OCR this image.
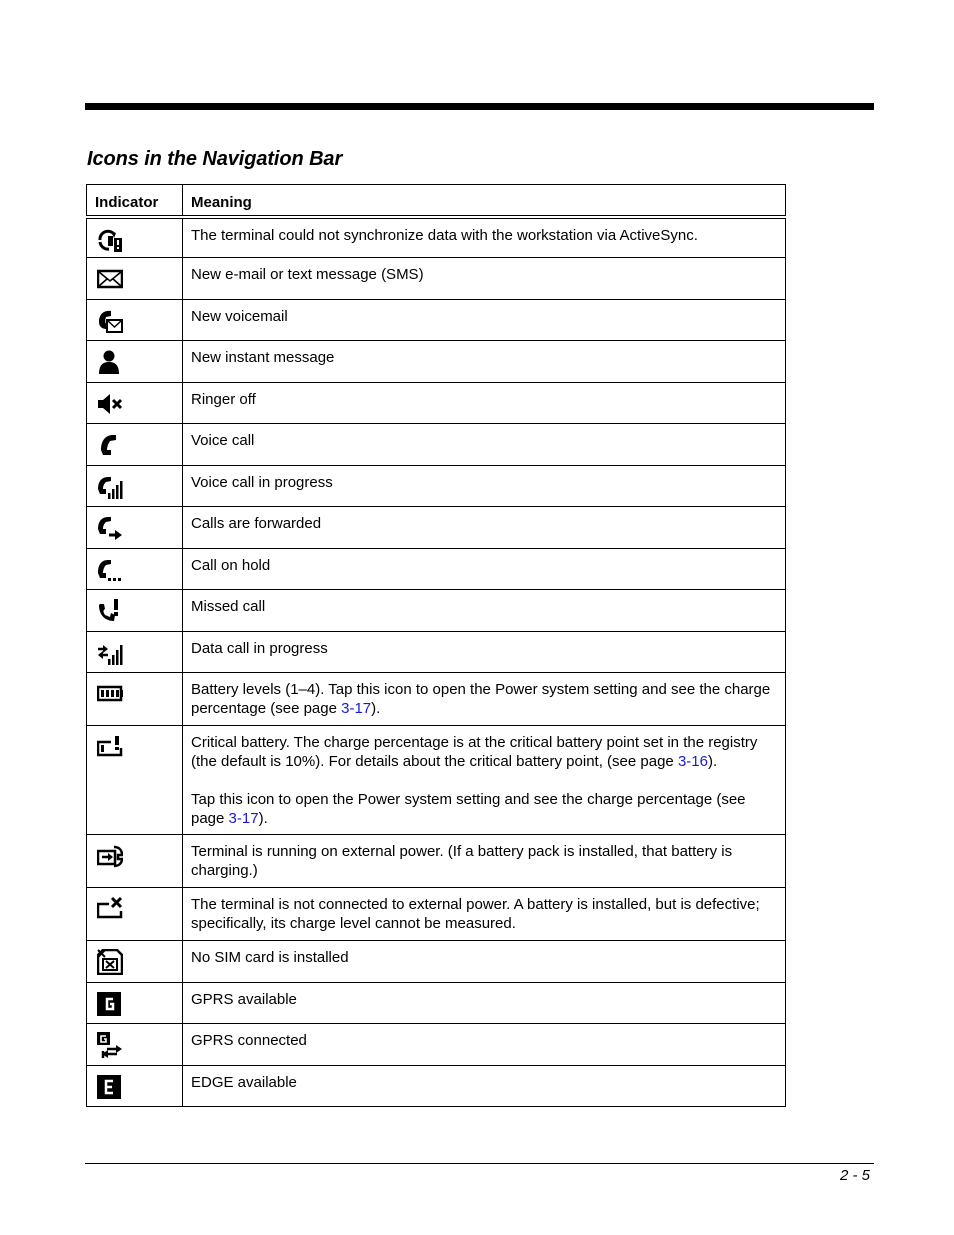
Icons in the Navigation Bar
Indicator	Meaning

	The terminal could not synchronize data with the workstation via ActiveSync.

	New e-mail or text message (SMS)

	New voicemail

	New instant message

	Ringer off

	Voice call

	Voice call in progress

	Calls are forwarded

	Call on hold

	Missed call

	Data call in progress

	Battery levels (1–4). Tap this icon to open the Power system setting and see the charge percentage (see page 3-17).

	Critical battery. The charge percentage is at the critical battery point set in the registry (the default is 10%). For details about the critical battery point, (see page 3-16).
Tap this icon to open the Power system setting and see the charge percentage (see page 3-17).

	Terminal is running on external power. (If a battery pack is installed, that battery is charging.)

	The terminal is not connected to external power. A battery is installed, but is defective; specifically, its charge level cannot be measured.

	No SIM card is installed

	GPRS available

	GPRS connected

	EDGE available
2 - 5
